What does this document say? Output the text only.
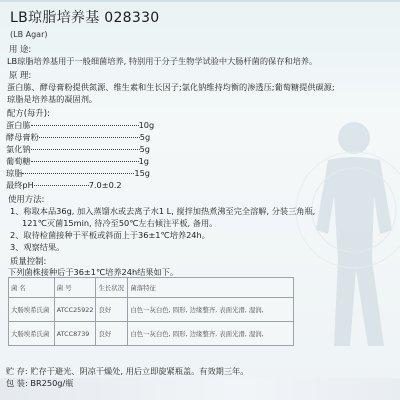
LB琼脂培养基 028330
(LB Agar)
用 途:
LB琼脂培养基用于一般细菌培养, 特别用于分子生物学试验中大肠杆菌的保存和培养。
原 理:
蛋白胨、酵母膏粉提供氮源、维生素和生长因子;氯化钠维持均衡的渗透压;葡萄糖提供碳源;
琼脂是培养基的凝固剂。
配方(每升):
蛋白胨	10g
酵母膏粉	5g
氯化钠	5g
葡萄糖	1g
琼脂	15g
最终pH	7.0±0.2
使用方法:
1、称取本品36g, 加入蒸馏水或去离子水1 L, 搅拌加热煮沸至完全溶解, 分装三角瓶,
121℃灭菌15min, 待冷至50℃左右倾注平板, 备用。
2、取待检菌接种于平板或斜面上于36±1℃培养24h。
3、观察结果。
质量控制:
下列菌株接种后于36±1℃培养24h结果如下。
菌 名	菌 号	生长状况	菌落特征
大肠埃希氏菌	ATCC25922	良好	白色一灰白色, 圆形, 边缘整齐, 表面光滑, 湿润,
大肠埃希氏菌	ATCC8739	良好	白色一灰白色, 圆形, 边缘整齐, 表面光滑, 湿润,
贮 存: 贮存于避光、阴凉干燥处, 用后立即旋紧瓶盖。有效期三年。
包 装: BR250g/瓶
